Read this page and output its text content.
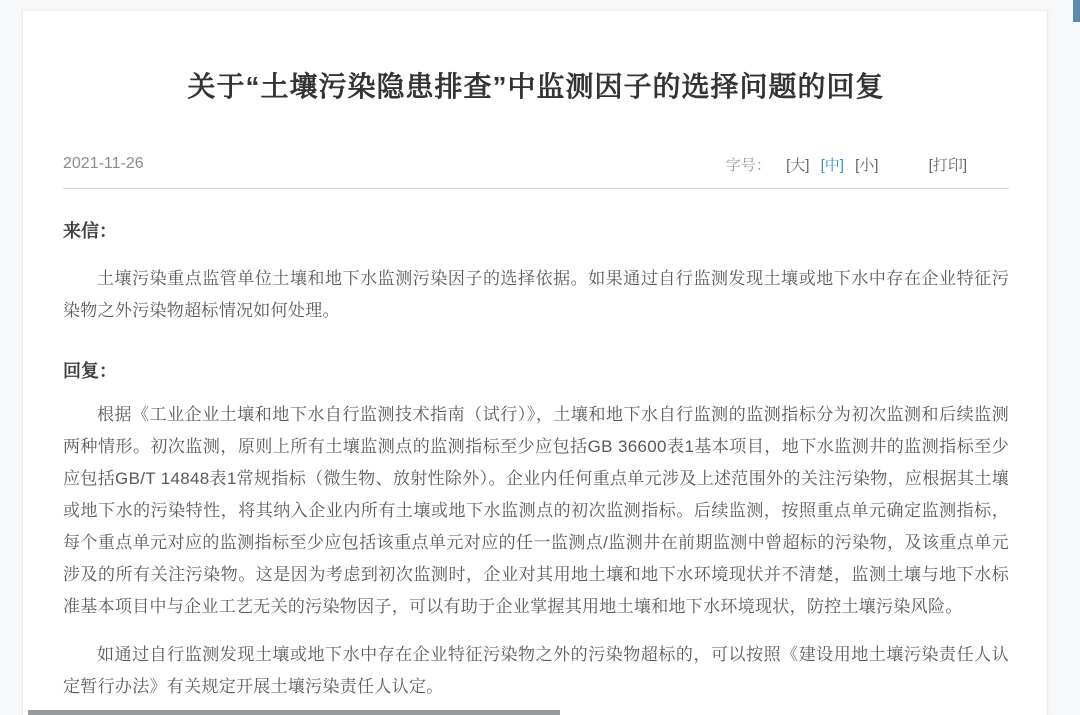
关于“土壤污染隐患排查”中监测因子的选择问题的回复
2021-11-26	字号： [大] [中] [小]	[打印]
来信：

土壤污染重点监管单位土壤和地下水监测污染因子的选择依据。如果通过自行监测发现土壤或地下水中存在企业特征污染物之外污染物超标情况如何处理。

回复：

根据《工业企业土壤和地下水自行监测技术指南（试行）》，土壤和地下水自行监测的监测指标分为初次监测和后续监测两种情形。初次监测，原则上所有土壤监测点的监测指标至少应包括GB 36600表1基本项目，地下水监测井的监测指标至少应包括GB/T 14848表1常规指标（微生物、放射性除外）。企业内任何重点单元涉及上述范围外的关注污染物，应根据其土壤或地下水的污染特性，将其纳入企业内所有土壤或地下水监测点的初次监测指标。后续监测，按照重点单元确定监测指标，每个重点单元对应的监测指标至少应包括该重点单元对应的任一监测点/监测井在前期监测中曾超标的污染物，及该重点单元涉及的所有关注污染物。这是因为考虑到初次监测时，企业对其用地土壤和地下水环境现状并不清楚，监测土壤与地下水标准基本项目中与企业工艺无关的污染物因子，可以有助于企业掌握其用地土壤和地下水环境现状，防控土壤污染风险。

如通过自行监测发现土壤或地下水中存在企业特征污染物之外的污染物超标的，可以按照《建设用地土壤污染责任人认定暂行办法》有关规定开展土壤污染责任人认定。
